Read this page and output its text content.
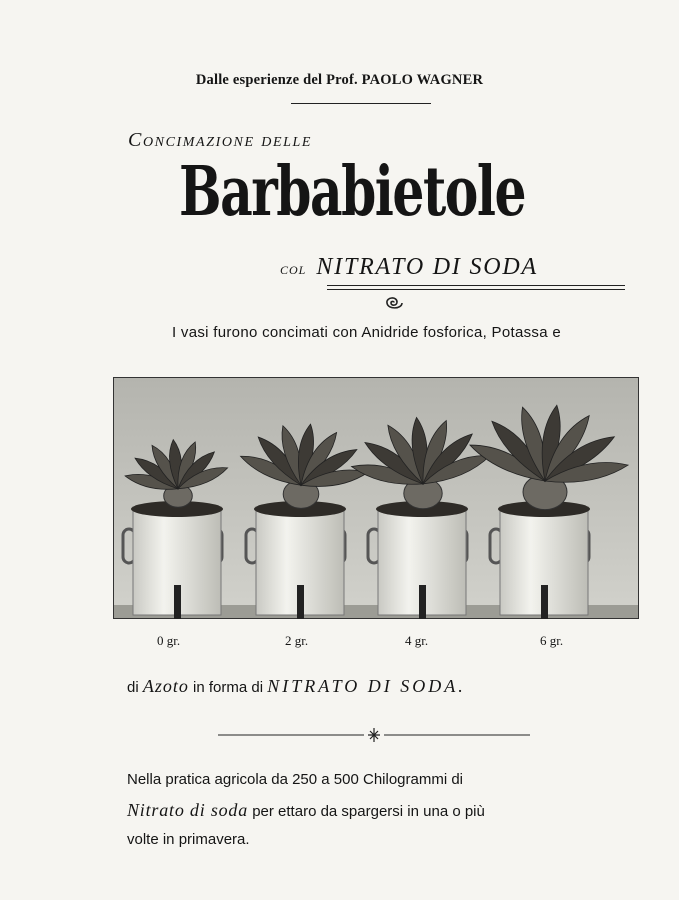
Dalle esperienze del Prof. PAOLO WAGNER
Concimazione delle
Barbabietole
col NITRATO DI SODA
I vasi furono concimati con Anidride fosforica, Potassa e
0 gr.	2 gr.	4 gr.	6 gr.
di Azoto in forma di NITRATO DI SODA.
Nella pratica agricola da 250 a 500 Chilogrammi di
Nitrato di soda per ettaro da spargersi in una o più
volte in primavera.
